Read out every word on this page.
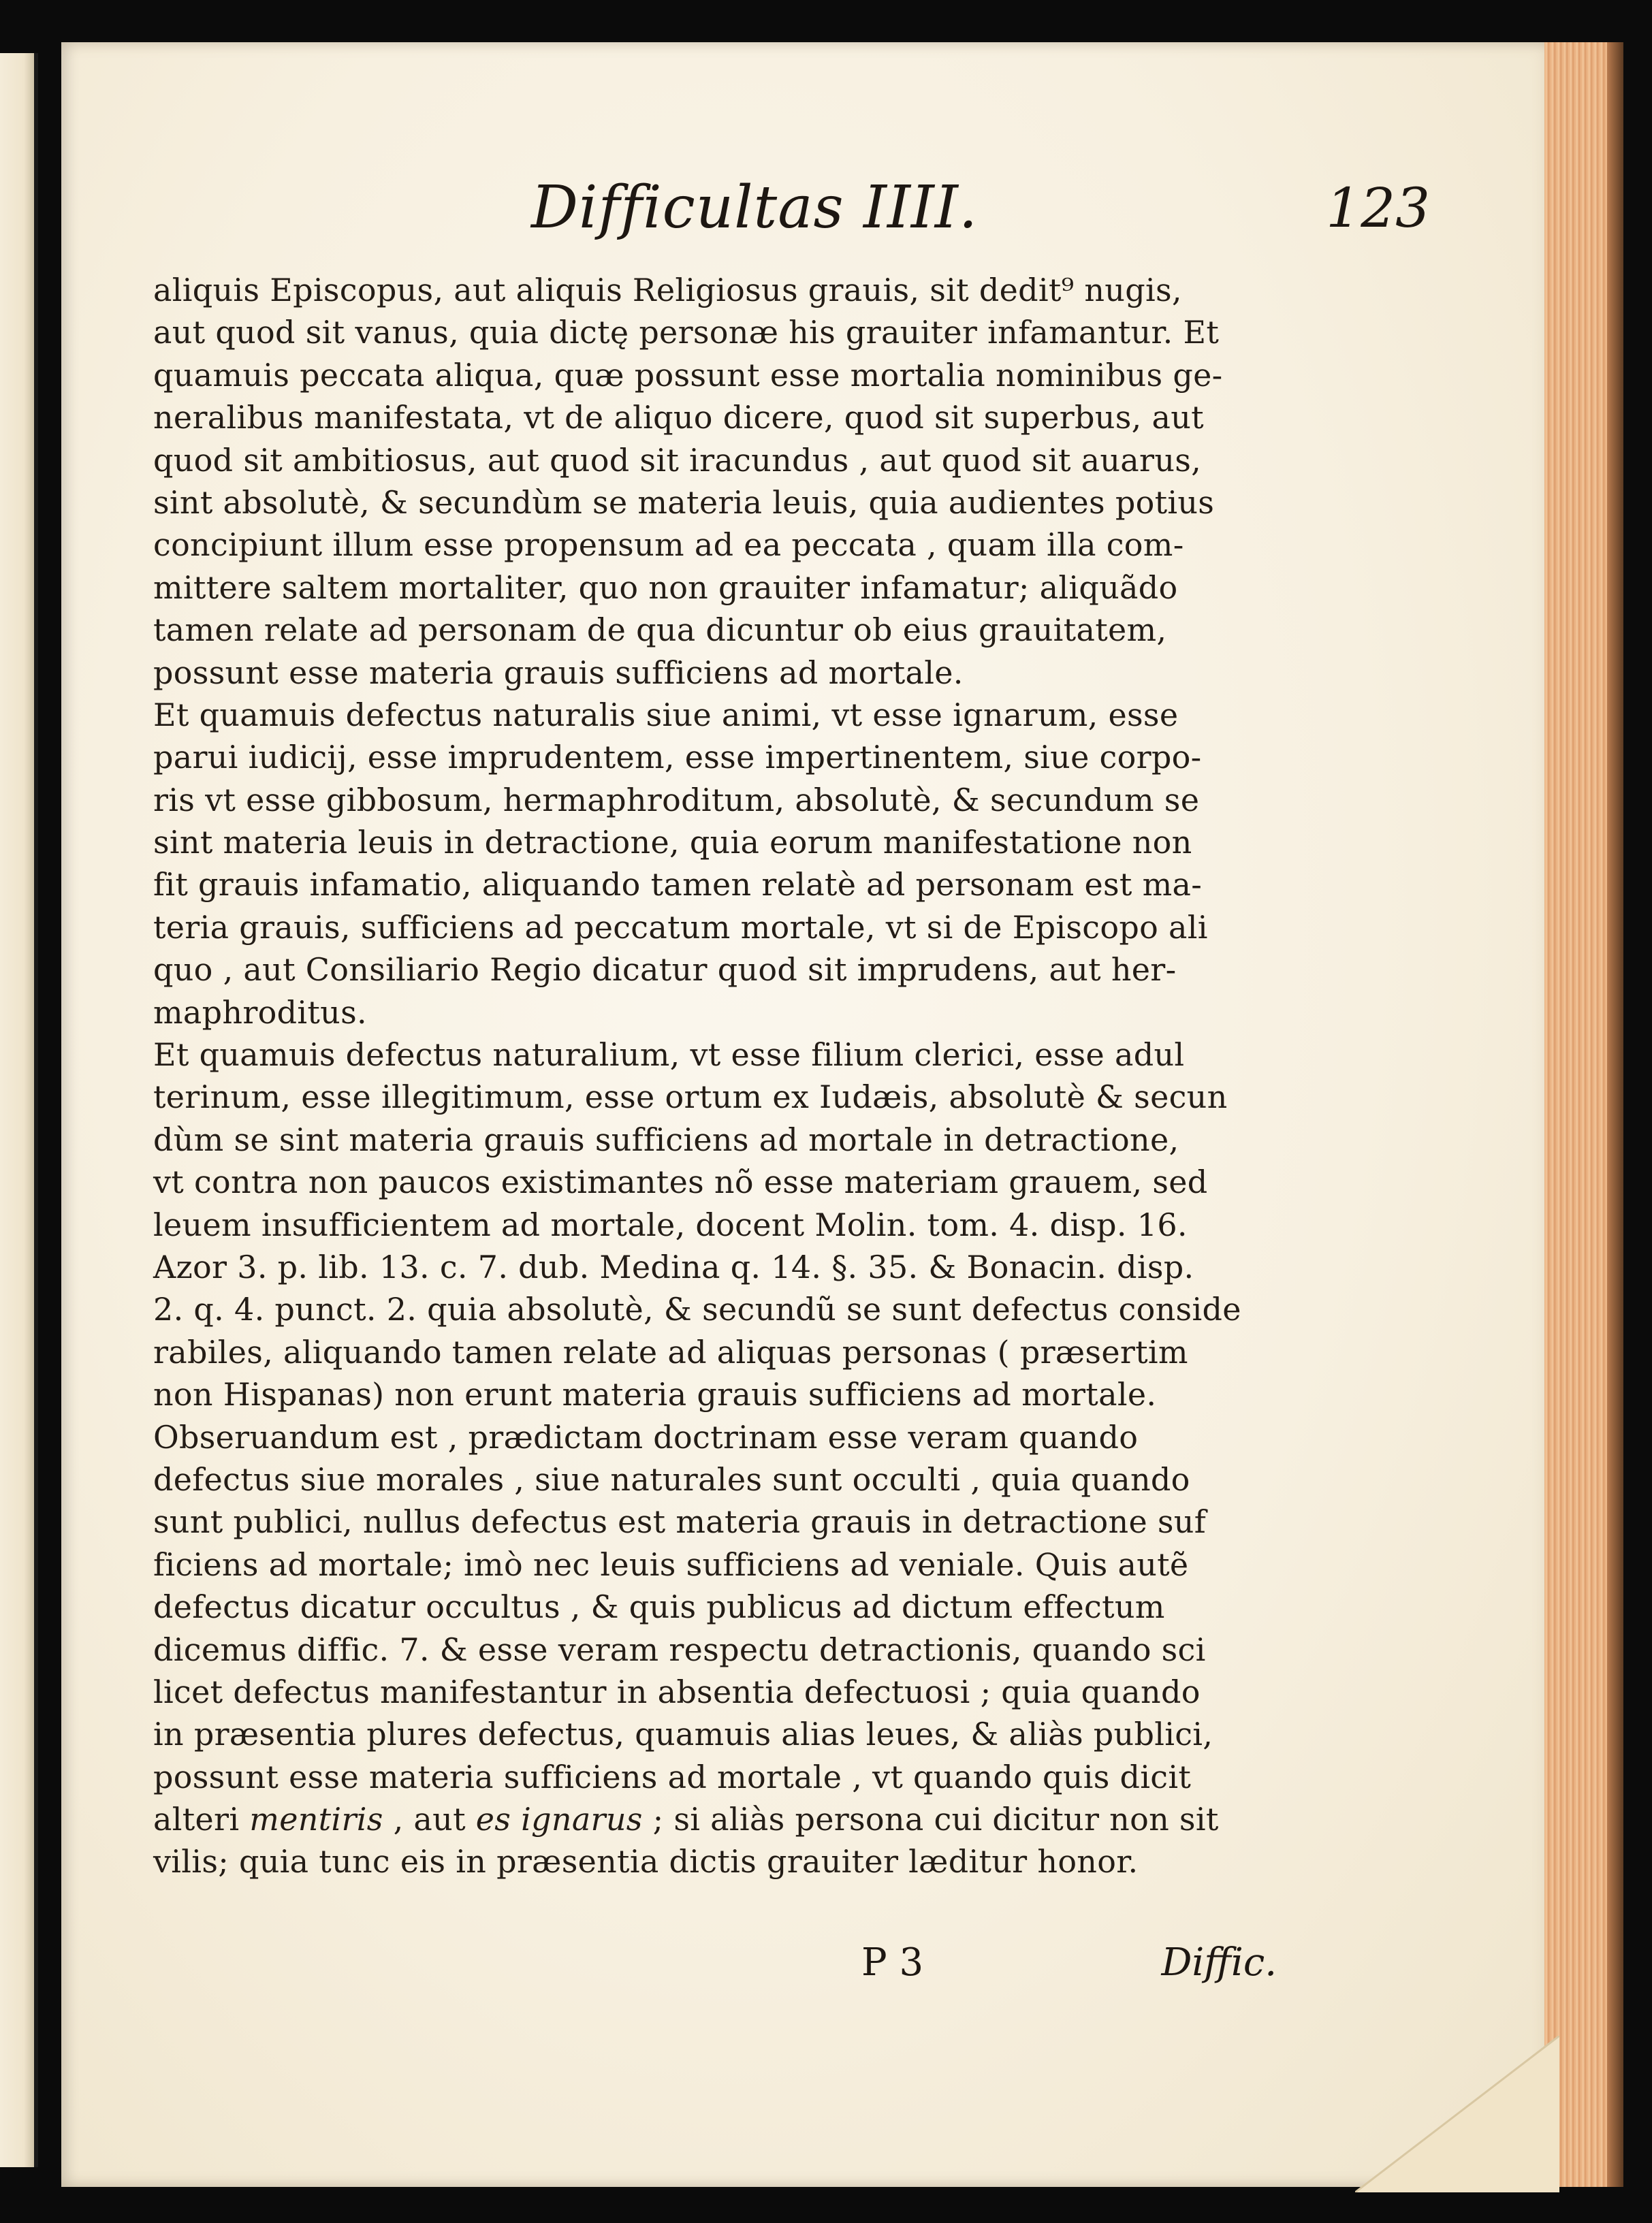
Difficultas IIII.	123
aliquis Episcopus, aut aliquis Religiosus grauis, sit dedit⁹ nugis,
aut quod sit vanus, quia dictę personæ his grauiter infamantur. Et
quamuis peccata aliqua, quæ possunt esse mortalia nominibus ge-
neralibus manifestata, vt de aliquo dicere, quod sit superbus, aut
quod sit ambitiosus, aut quod sit iracundus , aut quod sit auarus,
sint absolutè, & secundùm se materia leuis, quia audientes potius
concipiunt illum esse propensum ad ea peccata , quam illa com-
mittere saltem mortaliter, quo non grauiter infamatur; aliquãdo
tamen relate ad personam de qua dicuntur ob eius grauitatem,
possunt esse materia grauis sufficiens ad mortale.
Et quamuis defectus naturalis siue animi, vt esse ignarum, esse
parui iudicij, esse imprudentem, esse impertinentem, siue corpo-
ris vt esse gibbosum, hermaphroditum, absolutè, & secundum se
sint materia leuis in detractione, quia eorum manifestatione non
fit grauis infamatio, aliquando tamen relatè ad personam est ma-
teria grauis, sufficiens ad peccatum mortale, vt si de Episcopo ali
quo , aut Consiliario Regio dicatur quod sit imprudens, aut her-
maphroditus.
Et quamuis defectus naturalium, vt esse filium clerici, esse adul
terinum, esse illegitimum, esse ortum ex Iudæis, absolutè & secun
dùm se sint materia grauis sufficiens ad mortale in detractione,
vt contra non paucos existimantes nõ esse materiam grauem, sed
leuem insufficientem ad mortale, docent Molin. tom. 4. disp. 16.
Azor 3. p. lib. 13. c. 7. dub. Medina q. 14. §. 35. & Bonacin. disp.
2. q. 4. punct. 2. quia absolutè, & secundũ se sunt defectus conside
rabiles, aliquando tamen relate ad aliquas personas ( præsertim
non Hispanas) non erunt materia grauis sufficiens ad mortale.
Obseruandum est , prædictam doctrinam esse veram quando
defectus siue morales , siue naturales sunt occulti , quia quando
sunt publici, nullus defectus est materia grauis in detractione suf
ficiens ad mortale; imò nec leuis sufficiens ad veniale. Quis autẽ
defectus dicatur occultus , & quis publicus ad dictum effectum
dicemus diffic. 7. & esse veram respectu detractionis, quando sci
licet defectus manifestantur in absentia defectuosi ; quia quando
in præsentia plures defectus, quamuis alias leues, & aliàs publici,
possunt esse materia sufficiens ad mortale , vt quando quis dicit
alteri mentiris , aut es ignarus ; si aliàs persona cui dicitur non sit
vilis; quia tunc eis in præsentia dictis grauiter læditur honor.
P 3	Diffic.
